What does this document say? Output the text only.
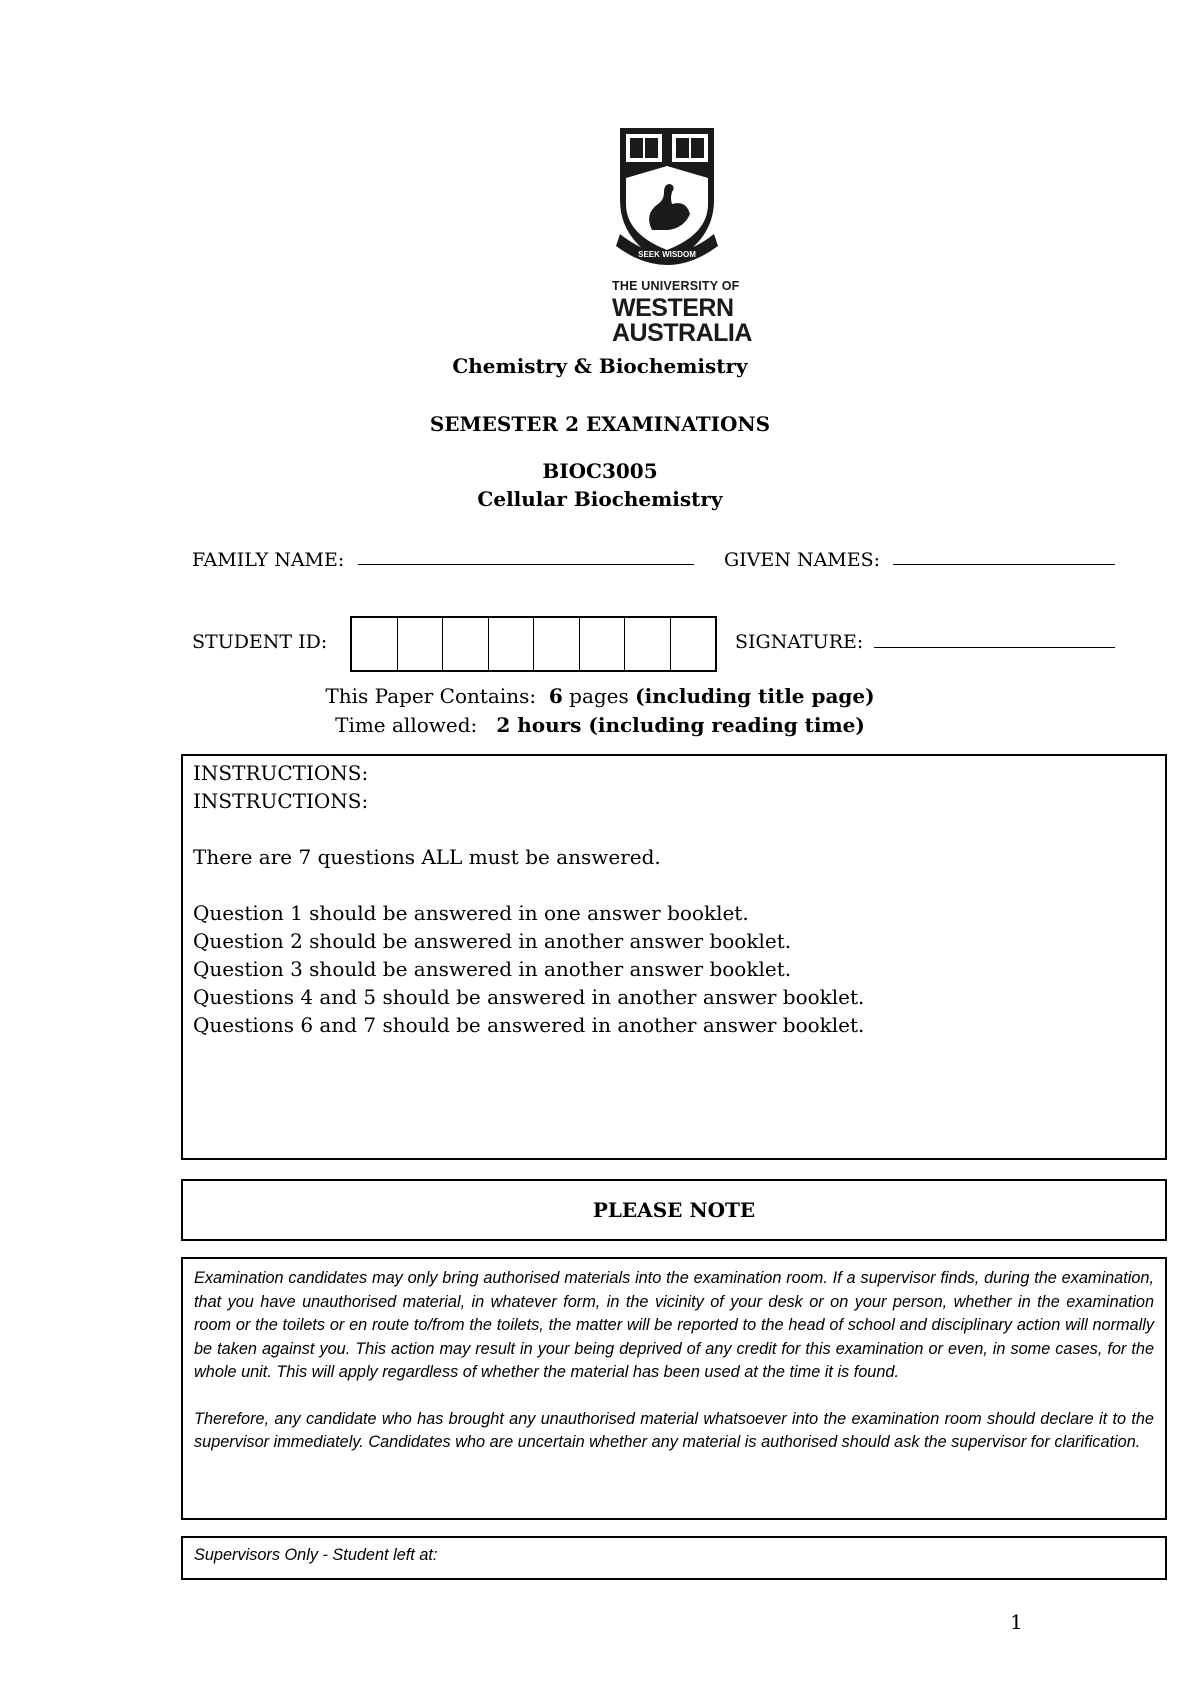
SEEK WISDOM
THE UNIVERSITY OF
WESTERN
AUSTRALIA
Chemistry & Biochemistry
SEMESTER 2 EXAMINATIONS
BIOC3005
Cellular Biochemistry
FAMILY NAME:	GIVEN NAMES:
STUDENT ID:	SIGNATURE:
This Paper Contains: 6 pages (including title page)
Time allowed: 2 hours (including reading time)

INSTRUCTIONS:

INSTRUCTIONS:

There are 7 questions ALL must be answered.

Question 1 should be answered in one answer booklet.

Question 2 should be answered in another answer booklet.

Question 3 should be answered in another answer booklet.

Questions 4 and 5 should be answered in another answer booklet.

Questions 6 and 7 should be answered in another answer booklet.

PLEASE NOTE

Examination candidates may only bring authorised materials into the examination room. If a supervisor finds, during the examination, that you have unauthorised material, in whatever form, in the vicinity of your desk or on your person, whether in the examination room or the toilets or en route to/from the toilets, the matter will be reported to the head of school and disciplinary action will normally be taken against you. This action may result in your being deprived of any credit for this examination or even, in some cases, for the whole unit. This will apply regardless of whether the material has been used at the time it is found.

Therefore, any candidate who has brought any unauthorised material whatsoever into the examination room should declare it to the supervisor immediately. Candidates who are uncertain whether any material is authorised should ask the supervisor for clarification.

Supervisors Only - Student left at:
1
